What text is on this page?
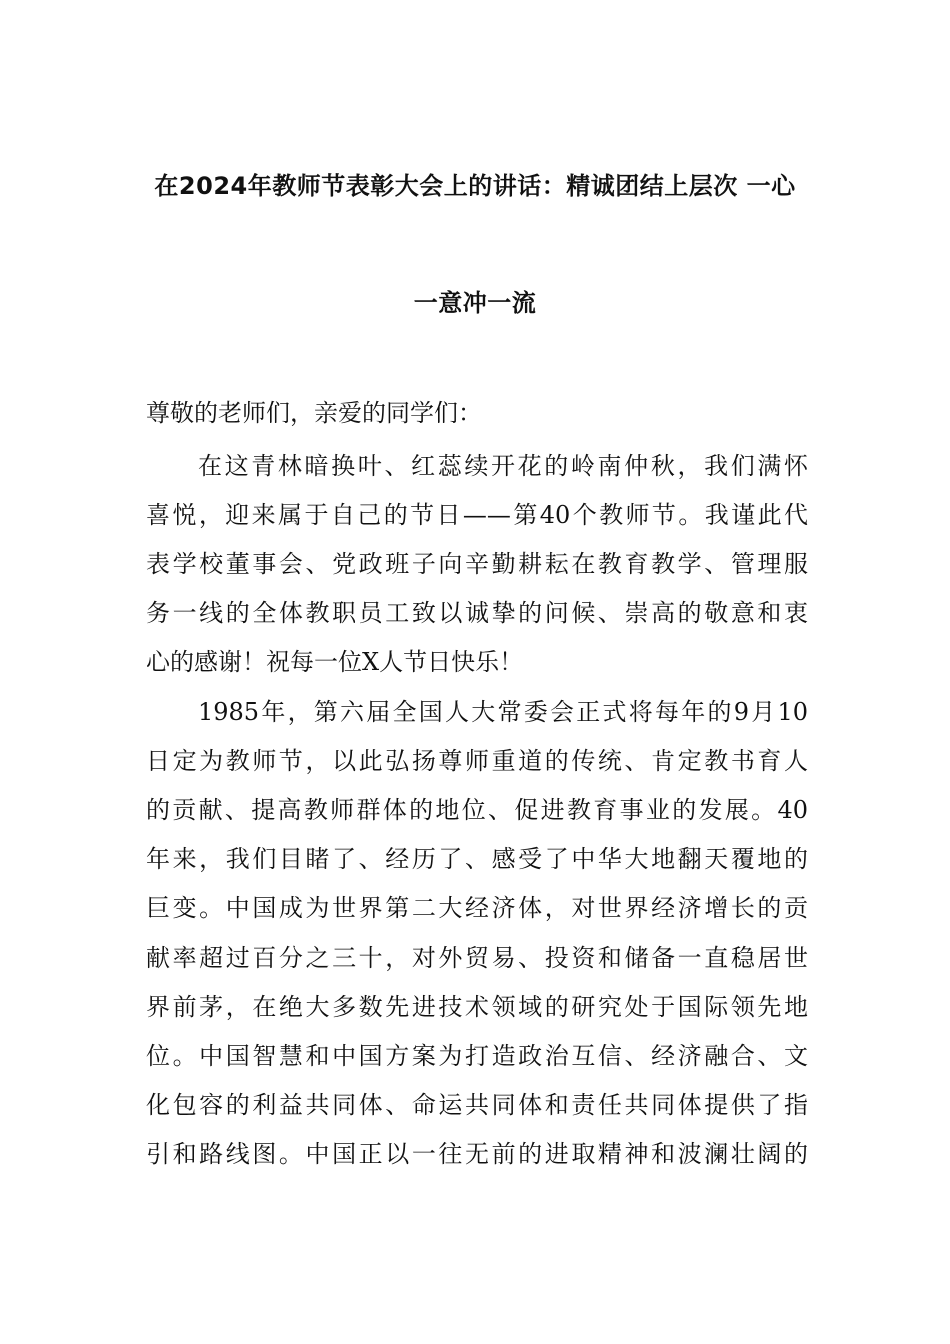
在2024年教师节表彰大会上的讲话：精诚团结上层次 一心
一意冲一流
尊敬的老师们，亲爱的同学们：
在这青林暗换叶、红蕊续开花的岭南仲秋，我们满怀
喜悦，迎来属于自己的节日——第40个教师节。我谨此代
表学校董事会、党政班子向辛勤耕耘在教育教学、管理服
务一线的全体教职员工致以诚挚的问候、崇高的敬意和衷
心的感谢！祝每一位X人节日快乐！
1985年，第六届全国人大常委会正式将每年的9月10
日定为教师节，以此弘扬尊师重道的传统、肯定教书育人
的贡献、提高教师群体的地位、促进教育事业的发展。40
年来，我们目睹了、经历了、感受了中华大地翻天覆地的
巨变。中国成为世界第二大经济体，对世界经济增长的贡
献率超过百分之三十，对外贸易、投资和储备一直稳居世
界前茅，在绝大多数先进技术领域的研究处于国际领先地
位。中国智慧和中国方案为打造政治互信、经济融合、文
化包容的利益共同体、命运共同体和责任共同体提供了指
引和路线图。中国正以一往无前的进取精神和波澜壮阔的
